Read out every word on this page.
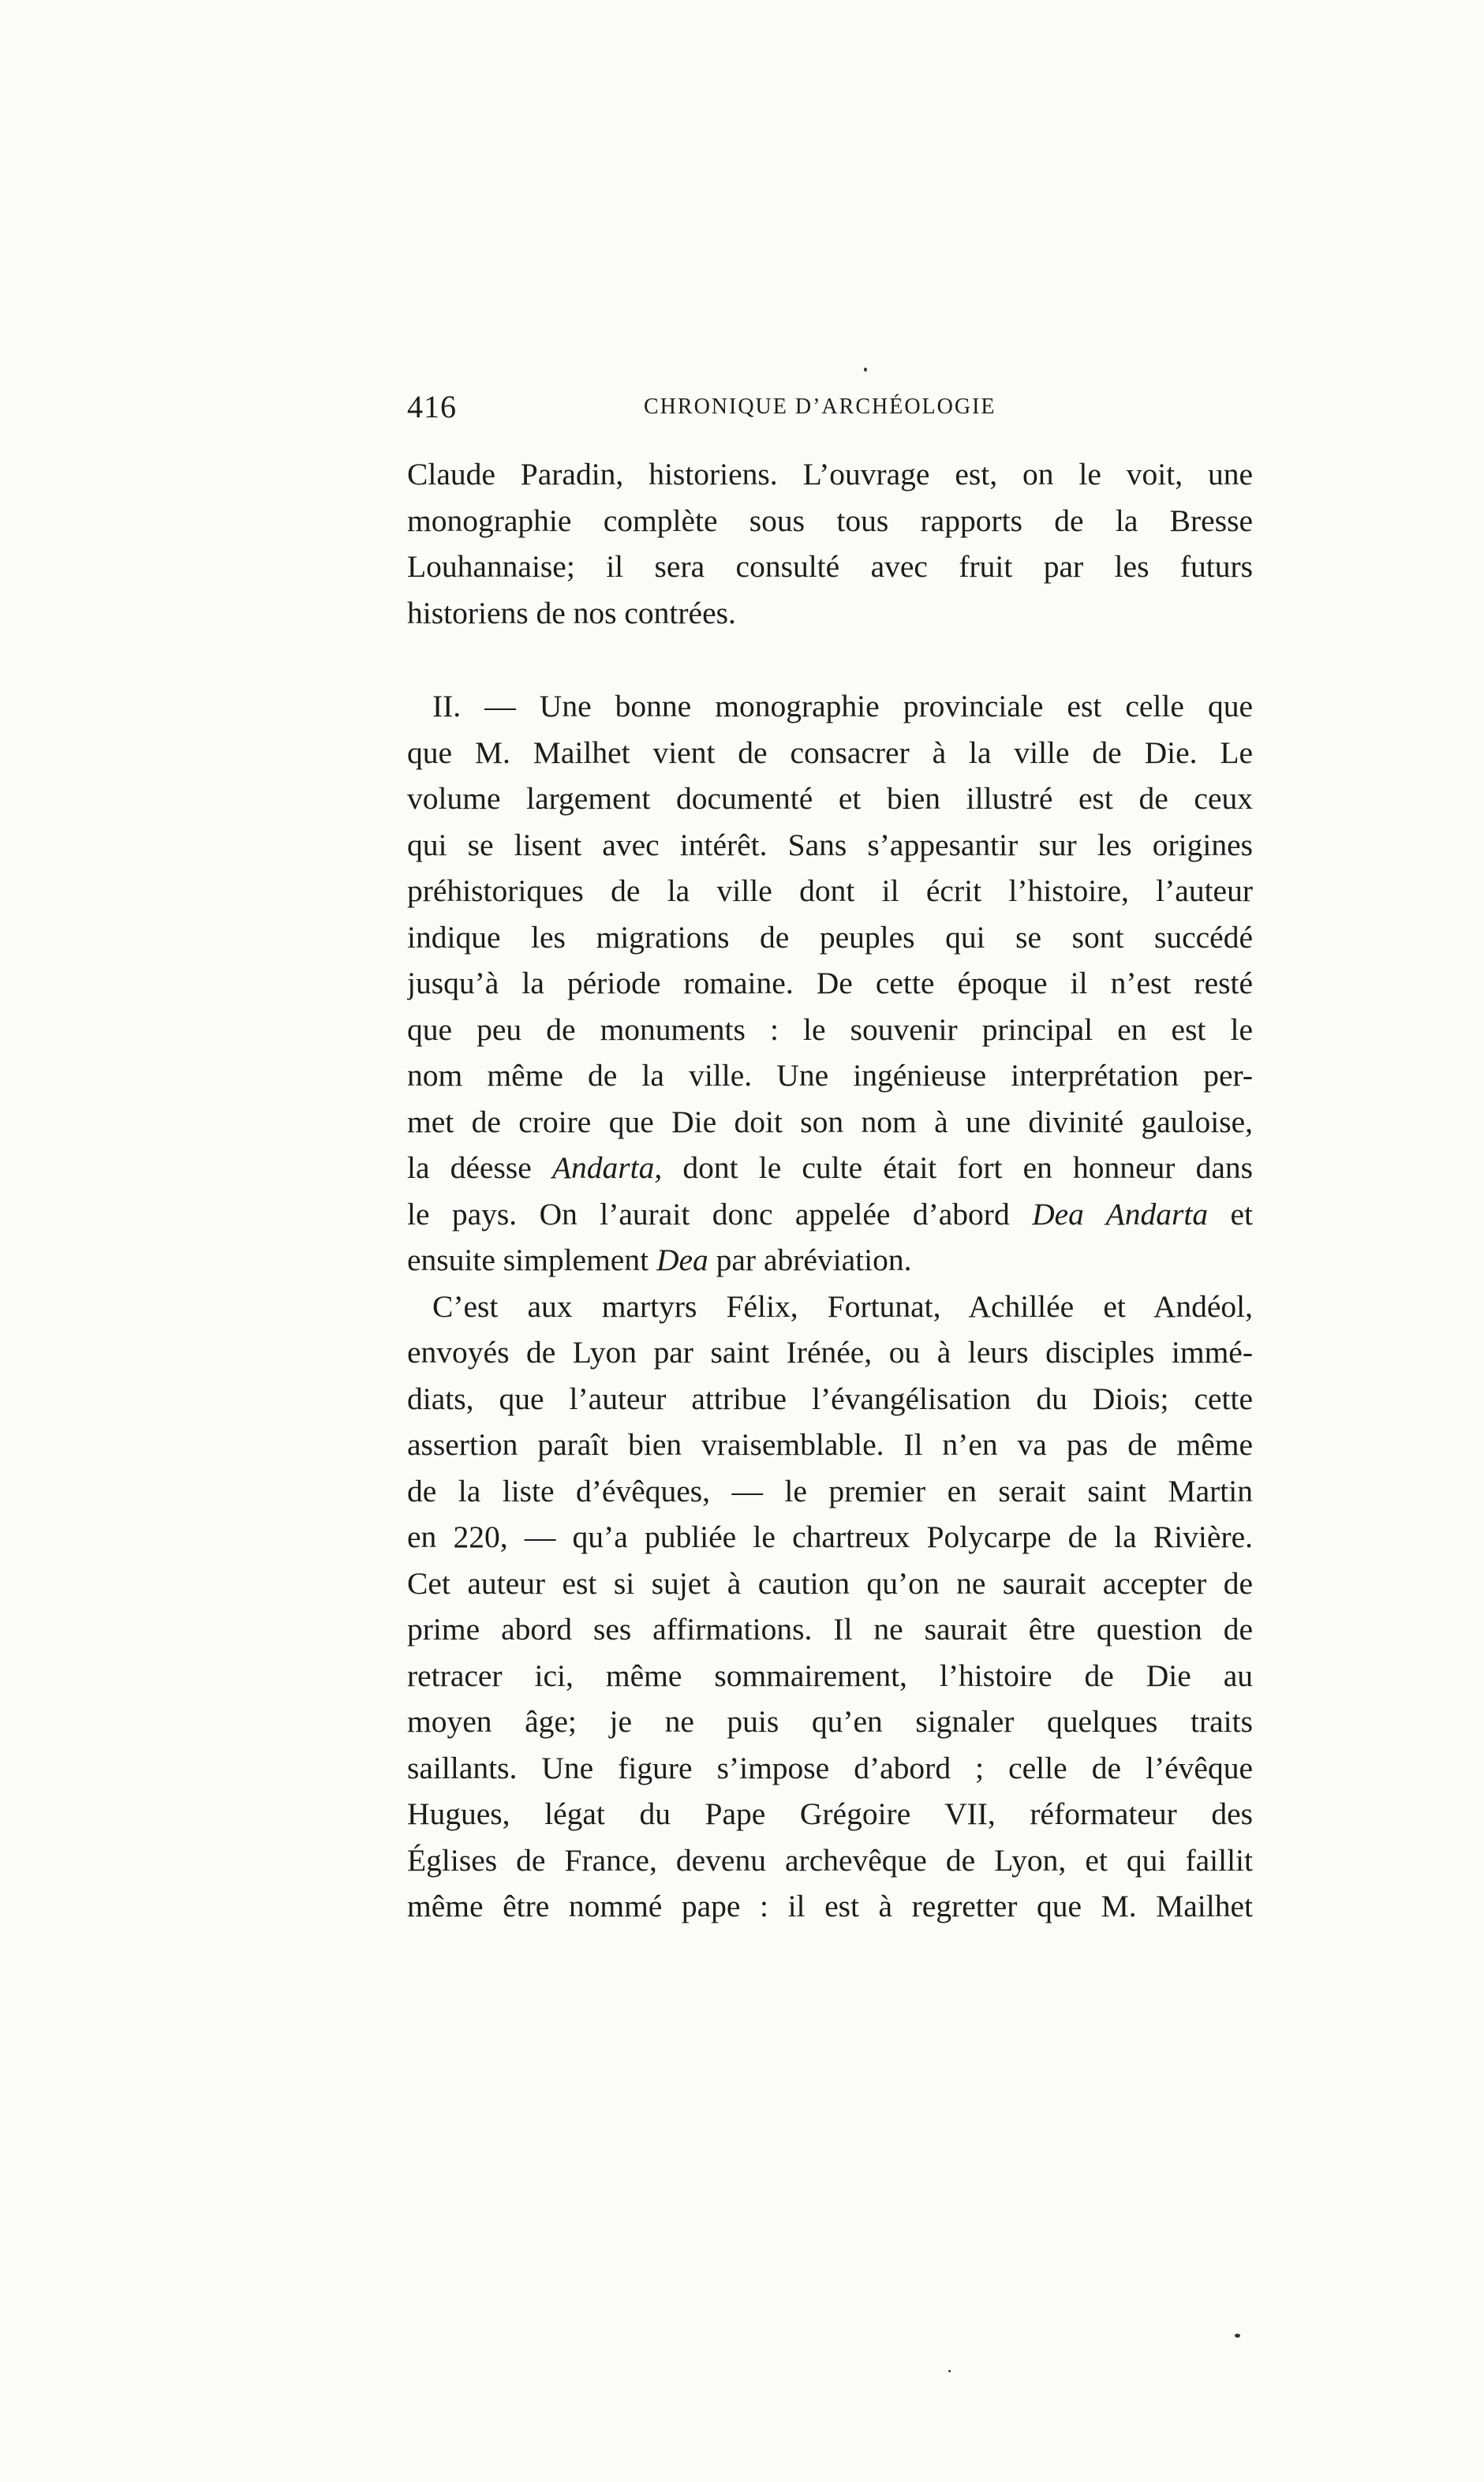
416	CHRONIQUE D’ARCHÉOLOGIE

Claude Paradin, historiens. L’ouvrage est, on le voit, une
monographie complète sous tous rapports de la Bresse
Louhannaise; il sera consulté avec fruit par les futurs
historiens de nos contrées.

II. — Une bonne monographie provinciale est celle que
que M. Mailhet vient de consacrer à la ville de Die. Le
volume largement documenté et bien illustré est de ceux
qui se lisent avec intérêt. Sans s’appesantir sur les origines
préhistoriques de la ville dont il écrit l’histoire, l’auteur
indique les migrations de peuples qui se sont succédé
jusqu’à la période romaine. De cette époque il n’est resté
que peu de monuments : le souvenir principal en est le
nom même de la ville. Une ingénieuse interprétation per-
met de croire que Die doit son nom à une divinité gauloise,
la déesse Andarta, dont le culte était fort en honneur dans
le pays. On l’aurait donc appelée d’abord Dea Andarta et
ensuite simplement Dea par abréviation.

C’est aux martyrs Félix, Fortunat, Achillée et Andéol,
envoyés de Lyon par saint Irénée, ou à leurs disciples immé-
diats, que l’auteur attribue l’évangélisation du Diois; cette
assertion paraît bien vraisemblable. Il n’en va pas de même
de la liste d’évêques, — le premier en serait saint Martin
en 220, — qu’a publiée le chartreux Polycarpe de la Rivière.
Cet auteur est si sujet à caution qu’on ne saurait accepter de
prime abord ses affirmations. Il ne saurait être question de
retracer ici, même sommairement, l’histoire de Die au
moyen âge; je ne puis qu’en signaler quelques traits
saillants. Une figure s’impose d’abord ; celle de l’évêque
Hugues, légat du Pape Grégoire VII, réformateur des
Églises de France, devenu archevêque de Lyon, et qui faillit
même être nommé pape : il est à regretter que M. Mailhet
